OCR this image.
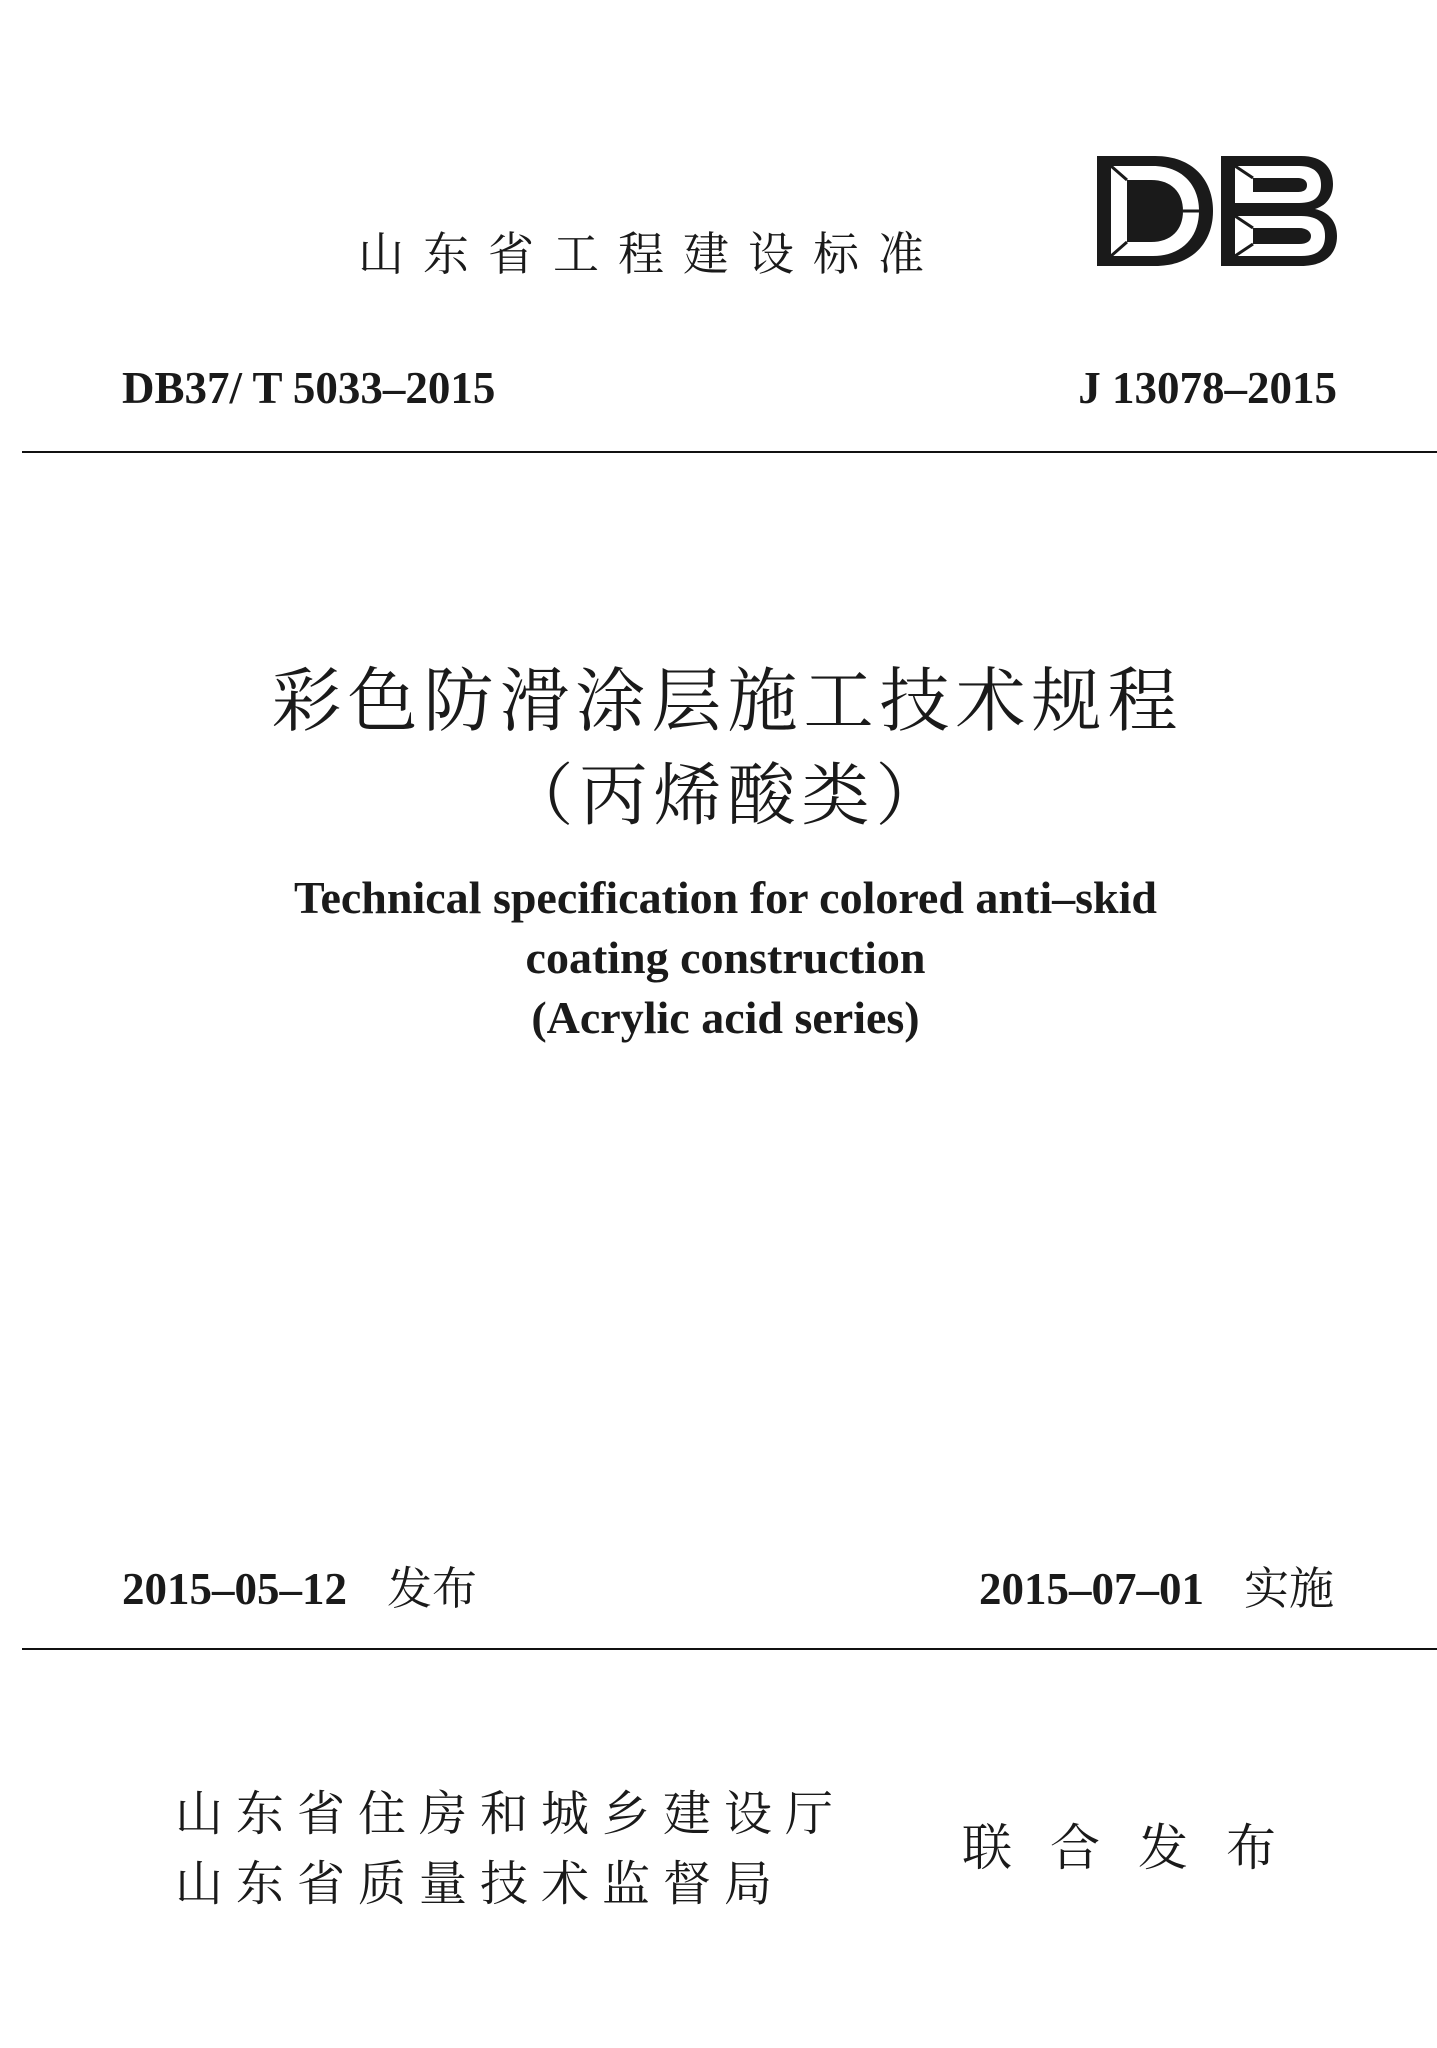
山东省工程建设标准
DB37/ T 5033–2015	J 13078–2015
彩色防滑涂层施工技术规程
（丙烯酸类）
Technical specification for colored anti–skid
coating construction
(Acrylic acid series)
2015–05–12 发布	2015–07–01 实施
山东省住房和城乡建设厅
山东省质量技术监督局
联合发布
